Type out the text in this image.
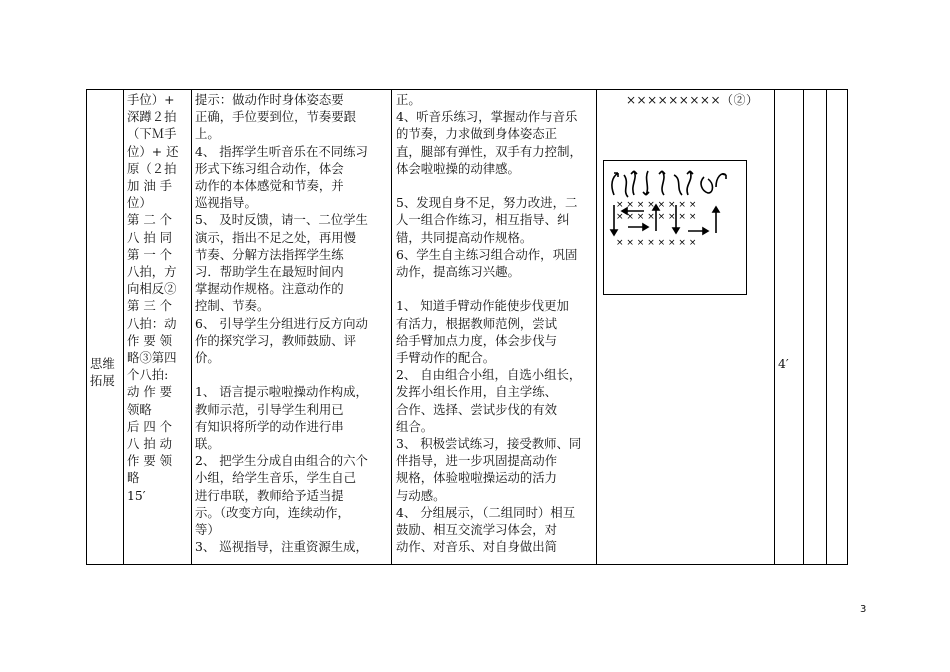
思维

拓展

手位）+

深蹲２拍

（下Ｍ手

位）+ 还

原（２拍

加 油 手

位）

第 二 个

八 拍 同

第 一 个

八拍，方

向相反②

第 三 个

八拍：动

作 要 领

略③第四

个八拍:

动 作 要

领略

后 四 个

八 拍 动

作 要 领

略

15′

提示：做动作时身体姿态要

正确，手位要到位，节奏要跟

上。

4、 指挥学生听音乐在不同练习

形式下练习组合动作，体会

动作的本体感觉和节奏，并

巡视指导。

5、 及时反馈，请一、二位学生

演示，指出不足之处，再用慢

节奏、分解方法指挥学生练

习．帮助学生在最短时间内

掌握动作规格。注意动作的

控制、节奏。

6、 引导学生分组进行反方向动

作的探究学习，教师鼓励、评

价。

1、 语言提示啦啦操动作构成，

教师示范，引导学生利用已

有知识将所学的动作进行串

联。

2、 把学生分成自由组合的六个

小组，给学生音乐，学生自己

进行串联，教师给予适当提

示。（改变方向，连续动作，

等）

3、 巡视指导，注重资源生成，

正。

4、听音乐练习，掌握动作与音乐

的节奏，力求做到身体姿态正

直，腿部有弹性，双手有力控制，

体会啦啦操的动律感。

5、发现自身不足，努力改进，二

人一组合作练习，相互指导、纠

错，共同提高动作规格。

6、学生自主练习组合动作，巩固

动作，提高练习兴趣。

1、 知道手臂动作能使步伐更加

有活力，根据教师范例，尝试

给手臂加点力度，体会步伐与

手臂动作的配合。

2、 自由组合小组，自选小组长，

发挥小组长作用，自主学练、

合作、选择、尝试步伐的有效

组合。

3、 积极尝试练习，接受教师、同

伴指导，进一步巩固提高动作

规格，体验啦啦操运动的活力

与动感。

4、 分组展示，（二组同时）相互

鼓励、相互交流学习体会，对

动作、对音乐、对自身做出简

×××××××××（②）
× × × × × × × ×
× × × × × × × ×
× × × × × × × ×
4′
3
